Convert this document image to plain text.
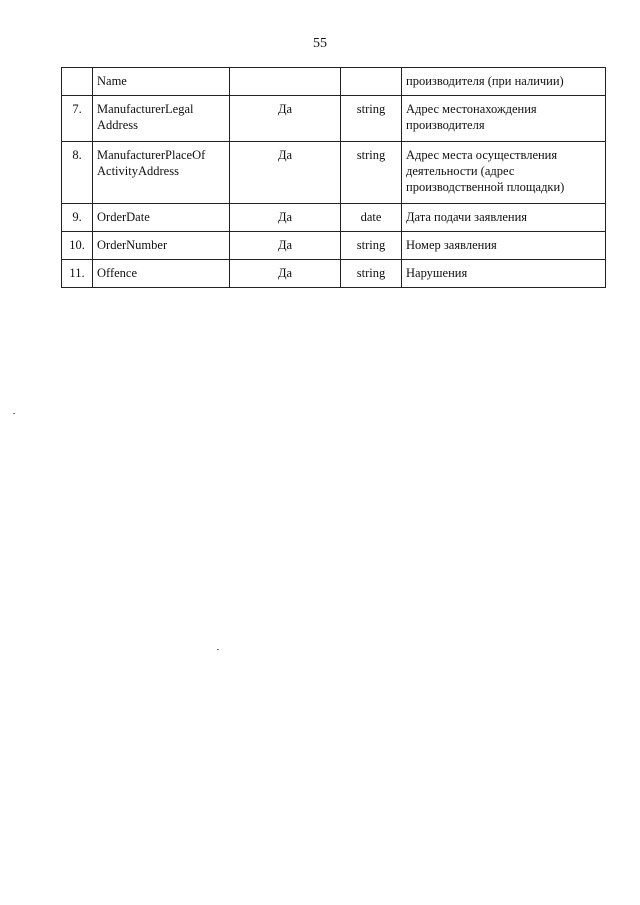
55
	Name			производителя (при наличии)
7.	ManufacturerLegal Address	Да	string	Адрес местонахождения производителя
8.	ManufacturerPlaceOf ActivityAddress	Да	string	Адрес места осуществления деятельности (адрес производственной площадки)
9.	OrderDate	Да	date	Дата подачи заявления
10.	OrderNumber	Да	string	Номер заявления
11.	Offence	Да	string	Нарушения
